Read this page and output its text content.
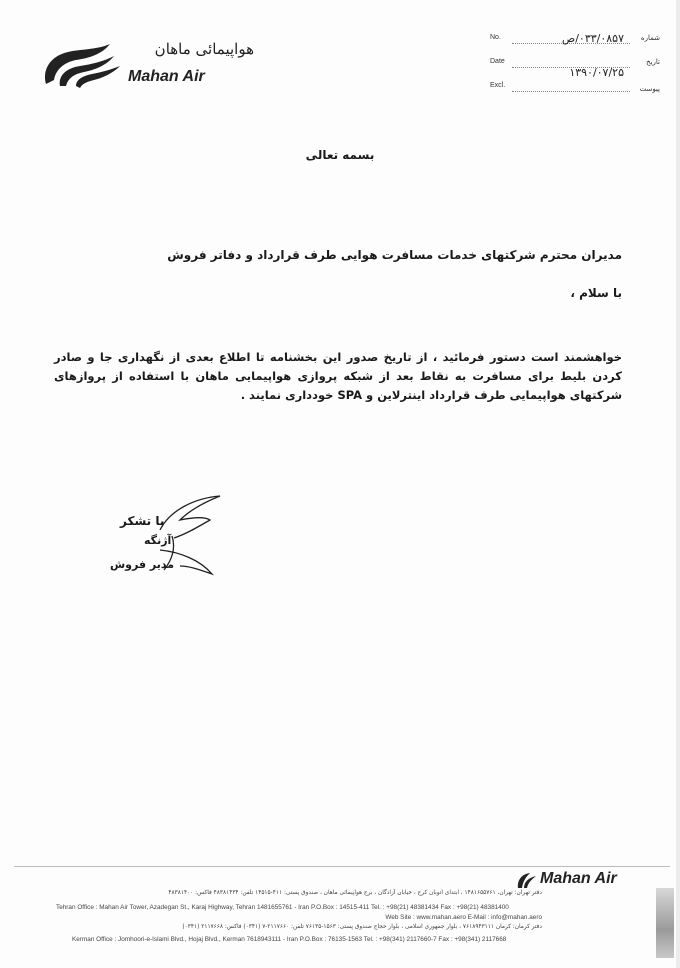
هواپیمائی ماهان
Mahan Air
No.	۰۳۳/۰۸۵۷/ص شماره
Date
۱۳۹۰/۰۷/۲۵
تاریخ
Excl.	پیوست
بسمه تعالی
مدیران محترم شرکتهای خدمات مسافرت هوایی طرف قرارداد و دفاتر فروش
با سلام ،
خواهشمند است دستور فرمائید ، از تاریخ صدور این بخشنامه تا اطلاع بعدی از نگهداری جا و صادر کردن بلیط برای مسافرت به نقاط بعد از شبکه پروازی هواپیمایی ماهان با استفاده از پروازهای شرکتهای هواپیمایی طرف قرارداد اینترلاین و SPA خودداری نمایند .
با تشکر
آژنگه
مدیر فروش
Mahan Air
دفتر تهران: تهران، ۱۴۸۱۶۵۵۷۶۱ ، ابتدای اتوبان کرج ، خیابان آزادگان ، برج هواپیمائی ماهان ، صندوق پستی: ۴۱۱-۱۴۵۱۵ تلفن: ۴۸۳۸۱۴۳۴ فاکس: ۴۸۳۸۱۴۰۰
Tehran Office : Mahan Air Tower, Azadegan St., Karaj Highway, Tehran 1481655761 - Iran P.O.Box : 14515-411 Tel. : +98(21) 48381434 Fax : +98(21) 48381400
Web Site : www.mahan.aero E-Mail : info@mahan.aero
دفتر کرمان: کرمان ۷۶۱۸۹۴۳۱۱۱ ، بلوار جمهوری اسلامی ، بلوار حجاج صندوق پستی: ۱۵۶۳-۷۶۱۳۵ تلفن: ۲۱۱۷۶۶۰-۷ (۰۳۴۱) فاکس: ۲۱۱۷۶۶۸ (۰۳۴۱)
Kerman Office : Jomhoori-e-Islami Blvd., Hojaj Blvd., Kerman 7618943111 - Iran P.O.Box : 76135-1563 Tel. : +98(341) 2117660-7 Fax : +98(341) 2117668
